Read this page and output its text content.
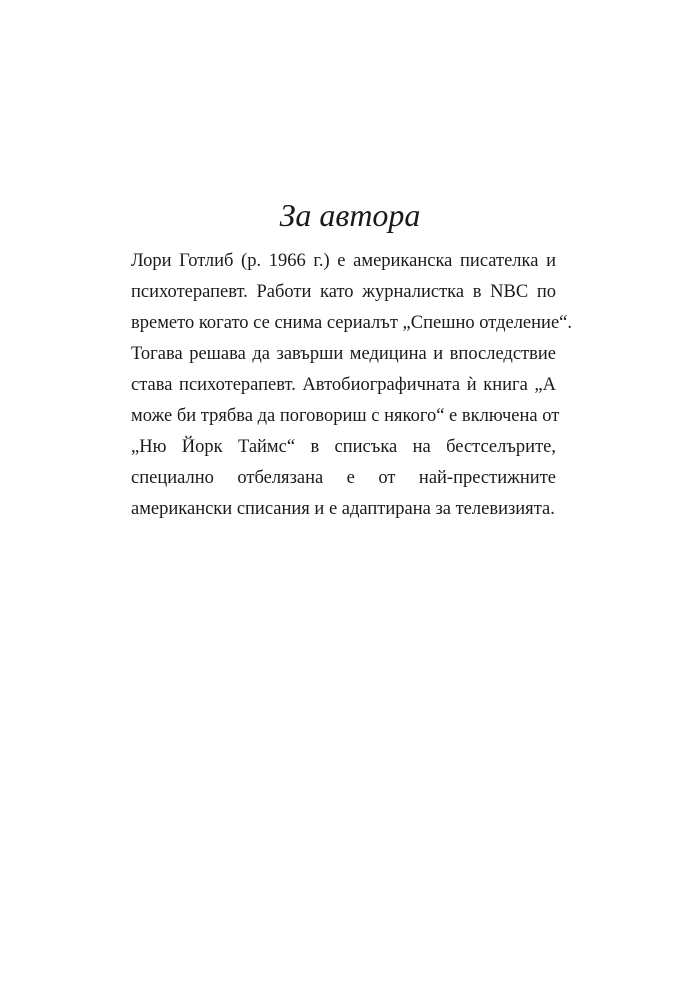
За автора
Лори Готлиб (р. 1966 г.) е американска писателка и
психотерапевт. Работи като журналистка в NBC по
времето когато се снима сериалът „Спешно отделение“.
Тогава решава да завърши медицина и впоследствие
става психотерапевт. Автобиографичната ѝ книга „А
може би трябва да поговориш с някого“ е включена от
„Ню Йорк Таймс“ в списъка на бестселърите,
специално отбелязана е от най-престижните
американски списания и е адаптирана за телевизията.
